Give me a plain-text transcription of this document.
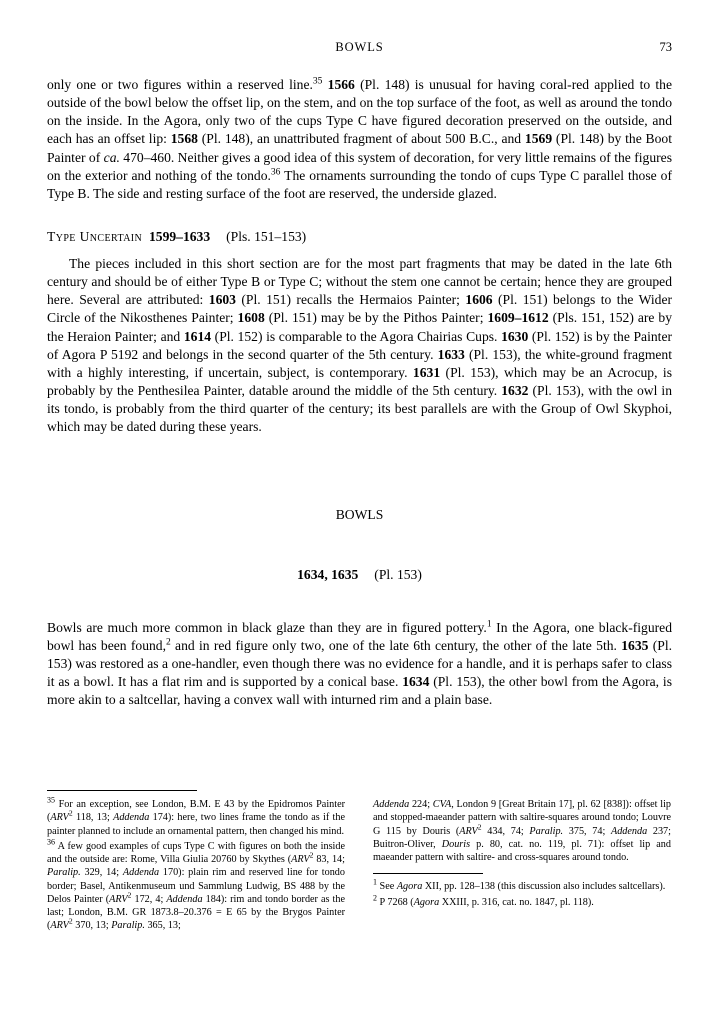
BOWLS	73

only one or two figures within a reserved line.$^{35}$ 1566 (Pl. 148) is unusual for having coral-red applied to the outside of the bowl below the offset lip, on the stem, and on the top surface of the foot, as well as around the tondo on the inside. In the Agora, only two of the cups Type C have figured decoration preserved on the outside, and each has an offset lip: 1568 (Pl. 148), an unattributed fragment of about 500 B.C., and 1569 (Pl. 148) by the Boot Painter of ca. 470–460. Neither gives a good idea of this system of decoration, for very little remains of the figures on the exterior and nothing of the tondo.$^{36}$ The ornaments surrounding the tondo of cups Type C parallel those of Type B. The side and resting surface of the foot are reserved, the underside glazed.

Type Uncertain 1599–1633 (Pls. 151–153)

The pieces included in this short section are for the most part fragments that may be dated in the late 6th century and should be of either Type B or Type C; without the stem one cannot be certain; hence they are grouped here. Several are attributed: 1603 (Pl. 151) recalls the Hermaios Painter; 1606 (Pl. 151) belongs to the Wider Circle of the Nikosthenes Painter; 1608 (Pl. 151) may be by the Pithos Painter; 1609–1612 (Pls. 151, 152) are by the Heraion Painter; and 1614 (Pl. 152) is comparable to the Agora Chairias Cups. 1630 (Pl. 152) is by the Painter of Agora P 5192 and belongs in the second quarter of the 5th century. 1633 (Pl. 153), the white-ground fragment with a highly interesting, if uncertain, subject, is contemporary. 1631 (Pl. 153), which may be an Acrocup, is probably by the Penthesilea Painter, datable around the middle of the 5th century. 1632 (Pl. 153), with the owl in its tondo, is probably from the third quarter of the century; its best parallels are with the Group of Owl Skyphoi, which may be dated during these years.

BOWLS

1634, 1635 (Pl. 153)

Bowls are much more common in black glaze than they are in figured pottery.$^1$ In the Agora, one black-figured bowl has been found,$^2$ and in red figure only two, one of the late 6th century, the other of the late 5th. 1635 (Pl. 153) was restored as a one-handler, even though there was no evidence for a handle, and it is perhaps safer to class it as a bowl. It has a flat rim and is supported by a conical base. 1634 (Pl. 153), the other bowl from the Agora, is more akin to a saltcellar, having a convex wall with inturned rim and a plain base.

$^{35}$ For an exception, see London, B.M. E 43 by the Epidromos Painter (ARV$^2$ 118, 13; Addenda 174): here, two lines frame the tondo as if the painter planned to include an ornamental pattern, then changed his mind.

$^{36}$ A few good examples of cups Type C with figures on both the inside and the outside are: Rome, Villa Giulia 20760 by Skythes (ARV$^2$ 83, 14; Paralip. 329, 14; Addenda 170): plain rim and reserved line for tondo border; Basel, Antikenmuseum und Sammlung Ludwig, BS 488 by the Delos Painter (ARV$^2$ 172, 4; Addenda 184): rim and tondo border as the last; London, B.M. GR 1873.8–20.376 = E 65 by the Brygos Painter (ARV$^2$ 370, 13; Paralip. 365, 13;

Addenda 224; CVA, London 9 [Great Britain 17], pl. 62 [838]): offset lip and stopped-maeander pattern with saltire-squares around tondo; Louvre G 115 by Douris (ARV$^2$ 434, 74; Paralip. 375, 74; Addenda 237; Buitron-Oliver, Douris p. 80, cat. no. 119, pl. 71): offset lip and maeander pattern with saltire- and cross-squares around tondo.

$^1$ See Agora XII, pp. 128–138 (this discussion also includes saltcellars).

$^2$ P 7268 (Agora XXIII, p. 316, cat. no. 1847, pl. 118).
